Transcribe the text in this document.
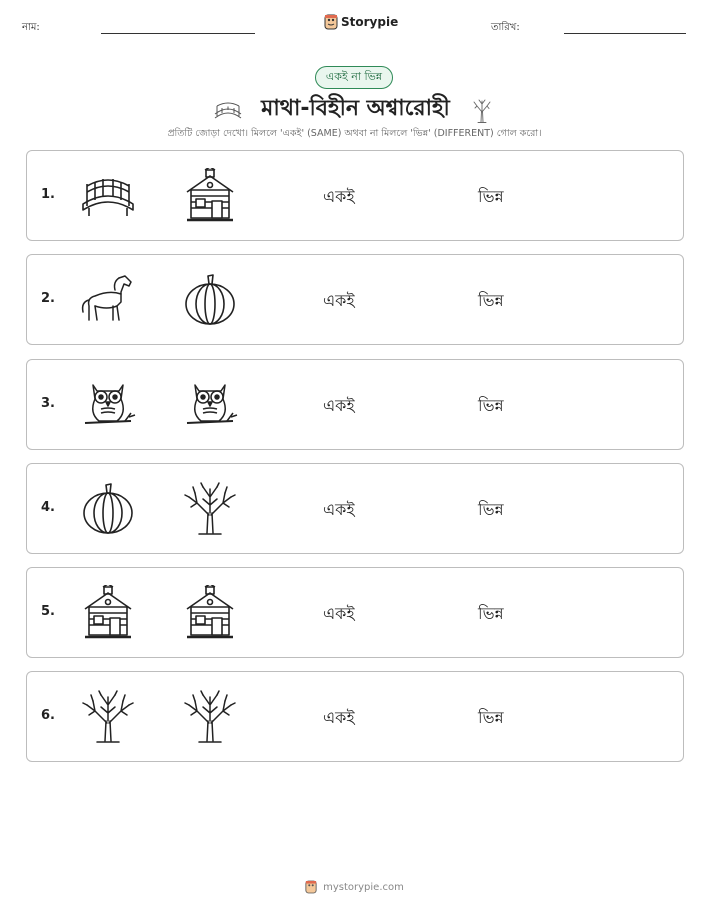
নাম:	Storypie	তারিখ:
একই না ভিন্ন
মাথা-বিহীন অশ্বারোহী
প্রতিটি জোড়া দেখো। মিললে 'একই' (SAME) অথবা না মিললে 'ভিন্ন' (DIFFERENT) গোল করো।
1.	একই	ভিন্ন
2.	একই	ভিন্ন
3.	একই	ভিন্ন
4.	একই	ভিন্ন
5.	একই	ভিন্ন
6.	একই	ভিন্ন
mystorypie.com
